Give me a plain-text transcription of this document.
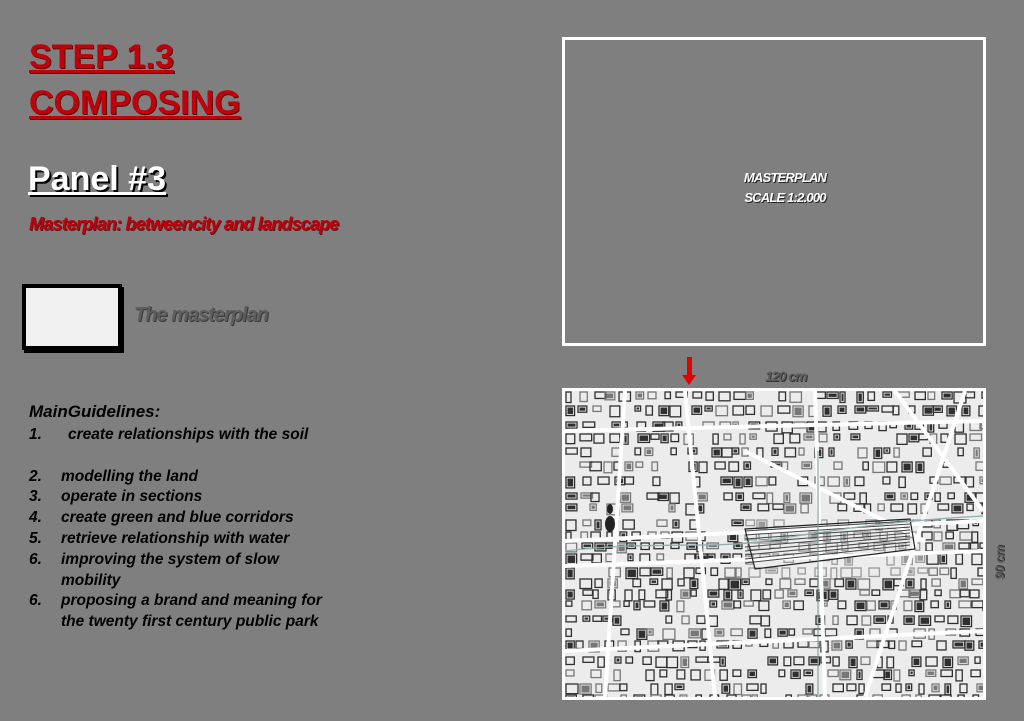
STEP 1.3
COMPOSING
Panel #3
Masterplan: betweencity and landscape
The masterplan
MainGuidelines:
1.	create relationships with the soil
2.	modelling the land
3.	operate in sections
4.	create green and blue corridors
5.	retrieve relationship with water
6.	improving the system of slow
mobility
6.	proposing a brand and meaning for
the twenty first century public park
MASTERPLAN
SCALE 1:2.000
120 cm
90 cm
